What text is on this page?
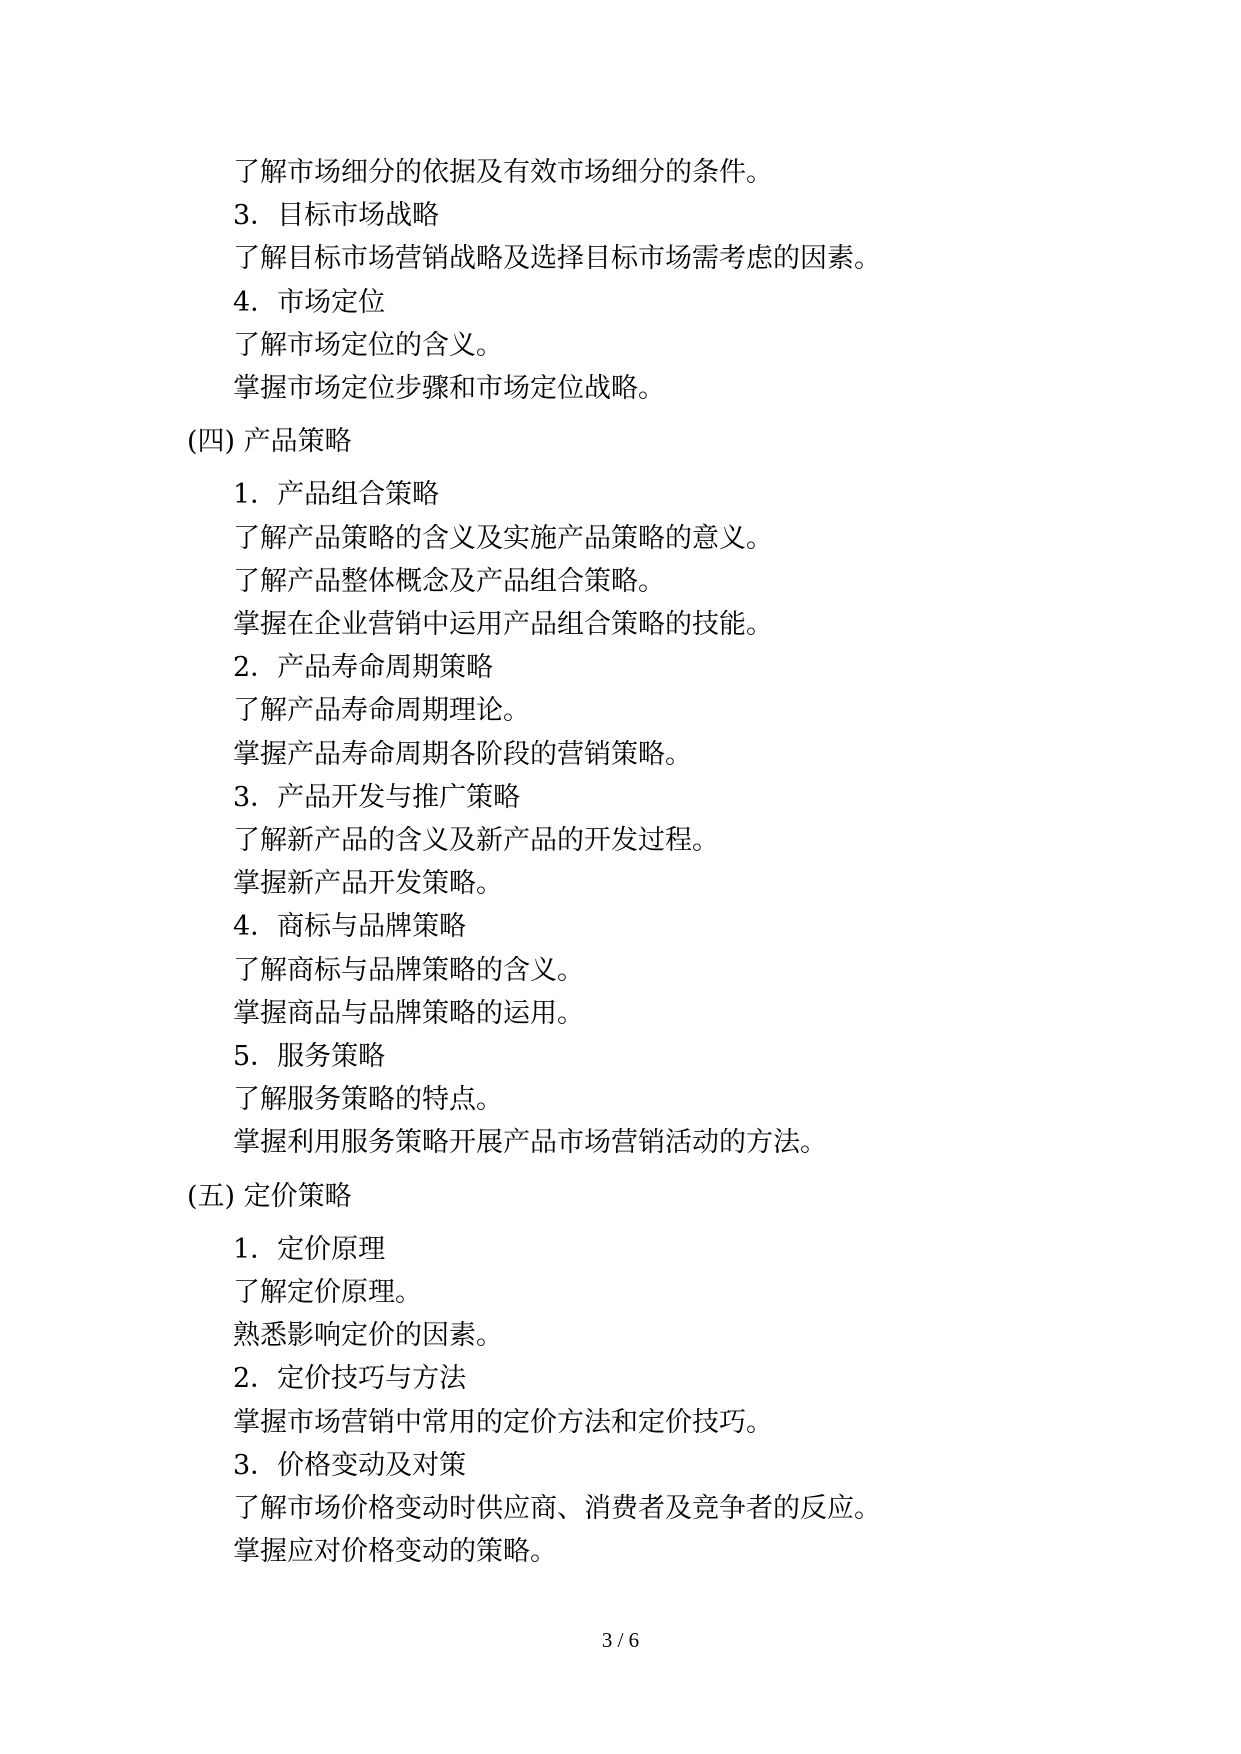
了解市场细分的依据及有效市场细分的条件。
3．目标市场战略
了解目标市场营销战略及选择目标市场需考虑的因素。
4．市场定位
了解市场定位的含义。
掌握市场定位步骤和市场定位战略。
(四) 产品策略
1．产品组合策略
了解产品策略的含义及实施产品策略的意义。
了解产品整体概念及产品组合策略。
掌握在企业营销中运用产品组合策略的技能。
2．产品寿命周期策略
了解产品寿命周期理论。
掌握产品寿命周期各阶段的营销策略。
3．产品开发与推广策略
了解新产品的含义及新产品的开发过程。
掌握新产品开发策略。
4．商标与品牌策略
了解商标与品牌策略的含义。
掌握商品与品牌策略的运用。
5．服务策略
了解服务策略的特点。
掌握利用服务策略开展产品市场营销活动的方法。
(五) 定价策略
1．定价原理
了解定价原理。
熟悉影响定价的因素。
2．定价技巧与方法
掌握市场营销中常用的定价方法和定价技巧。
3．价格变动及对策
了解市场价格变动时供应商、消费者及竞争者的反应。
掌握应对价格变动的策略。
3 / 6
